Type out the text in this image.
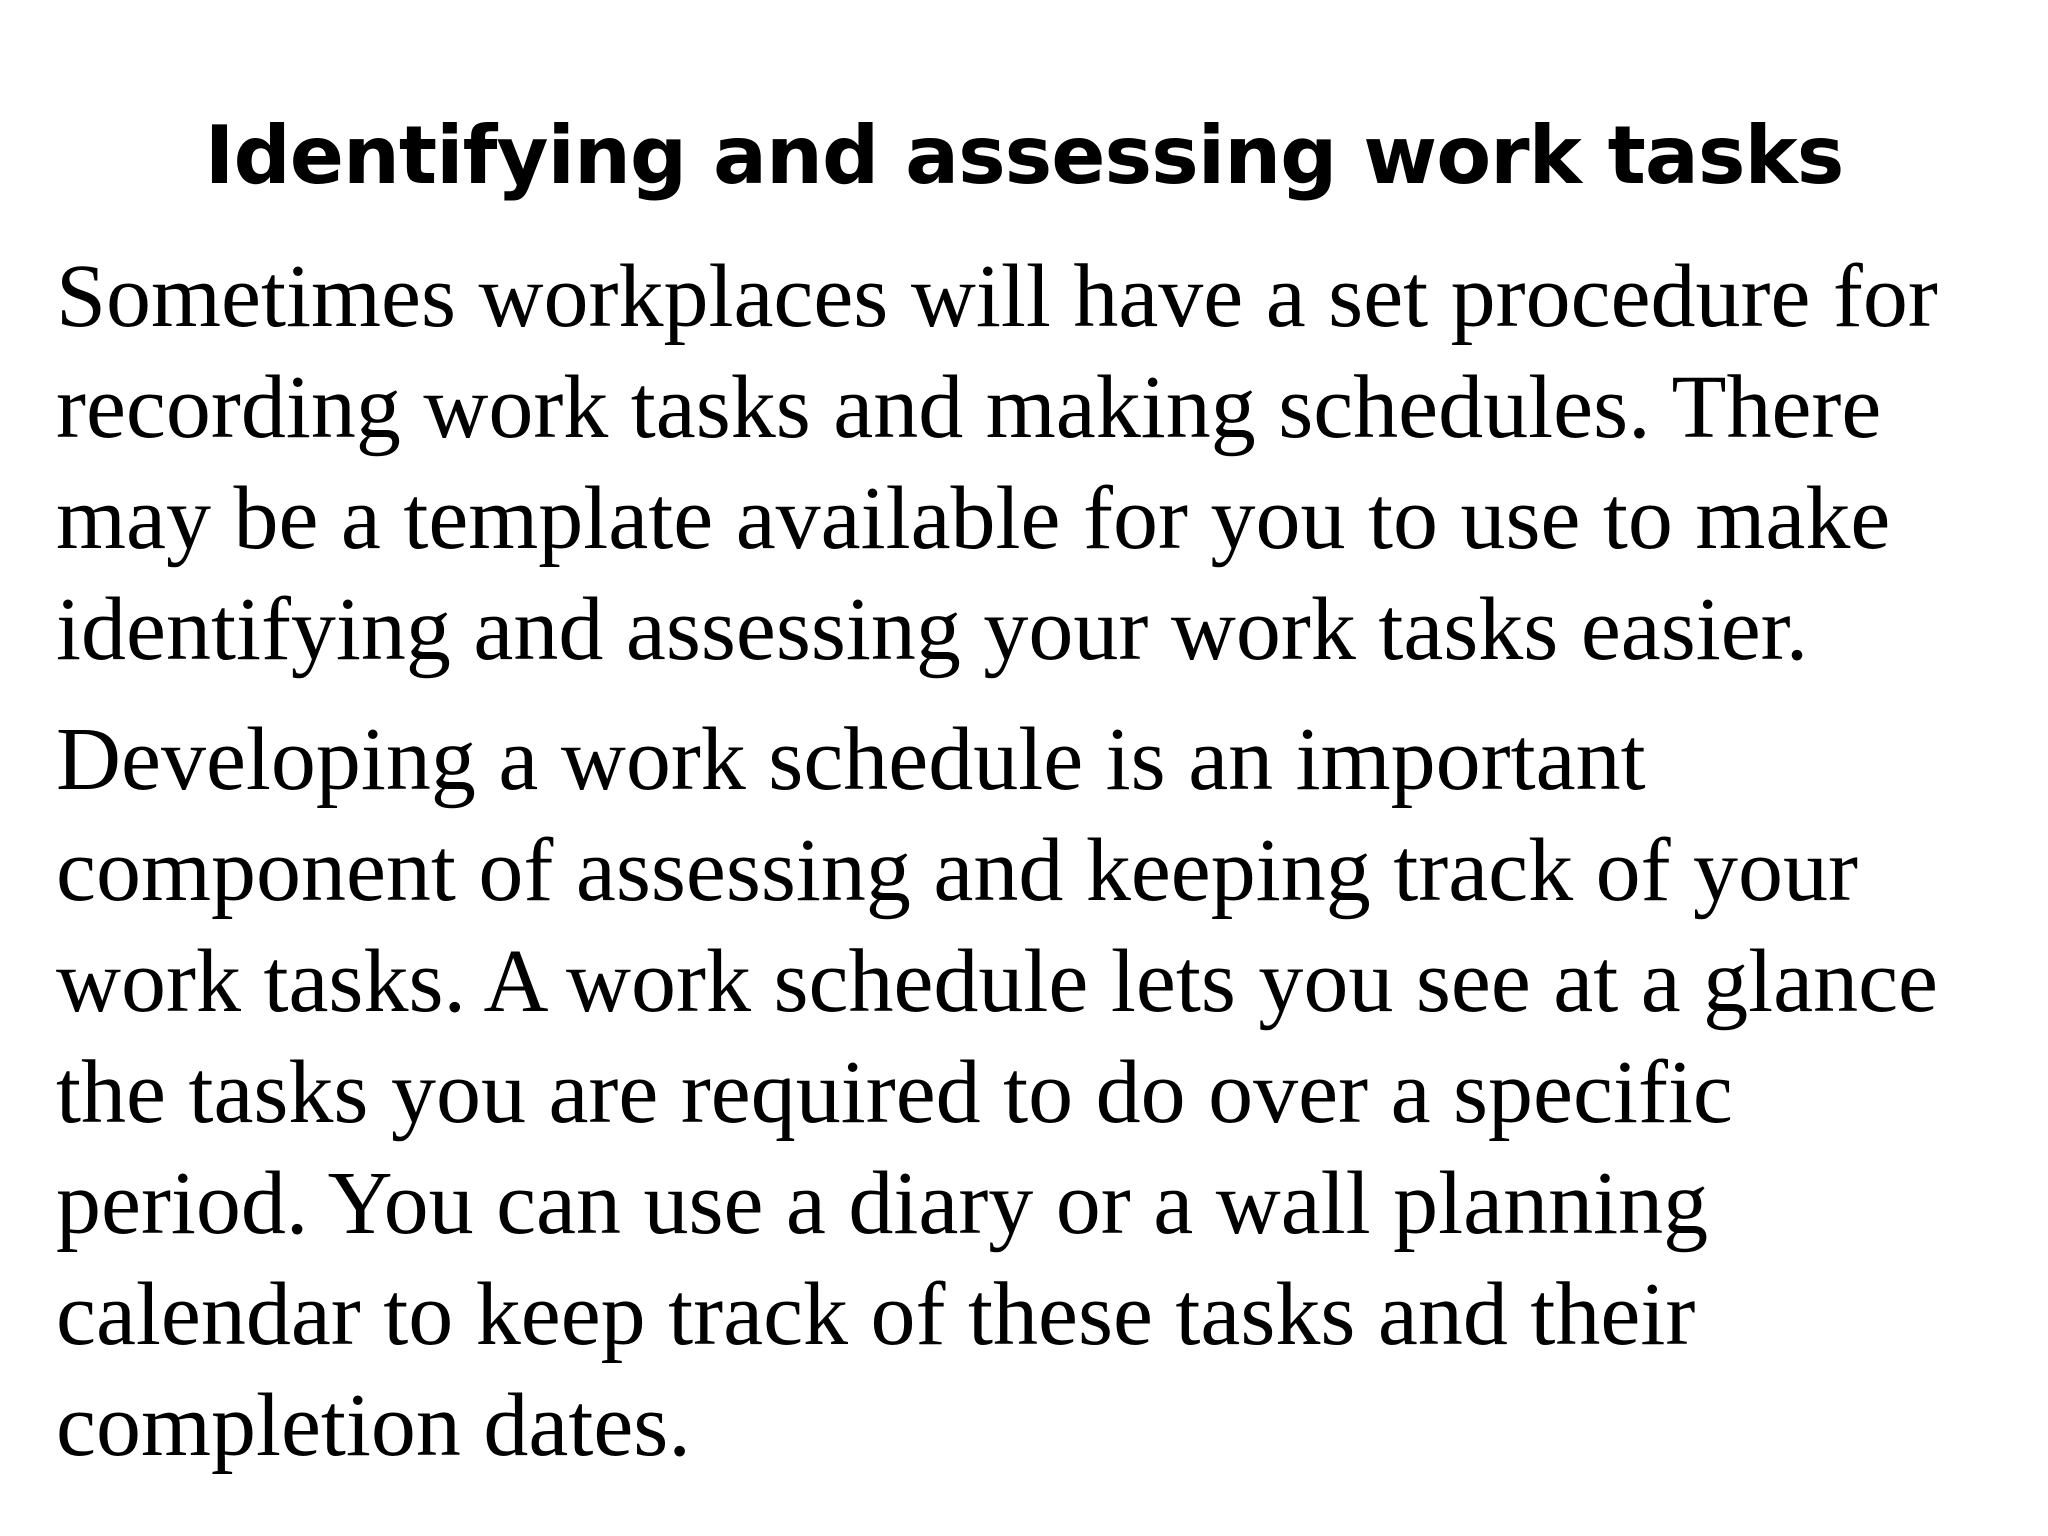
Identifying and assessing work tasks

Sometimes workplaces will have a set procedure for
recording work tasks and making schedules. There
may be a template available for you to use to make
identifying and assessing your work tasks easier.

Developing a work schedule is an important
component of assessing and keeping track of your
work tasks. A work schedule lets you see at a glance
the tasks you are required to do over a specific
period. You can use a diary or a wall planning
calendar to keep track of these tasks and their
completion dates.
